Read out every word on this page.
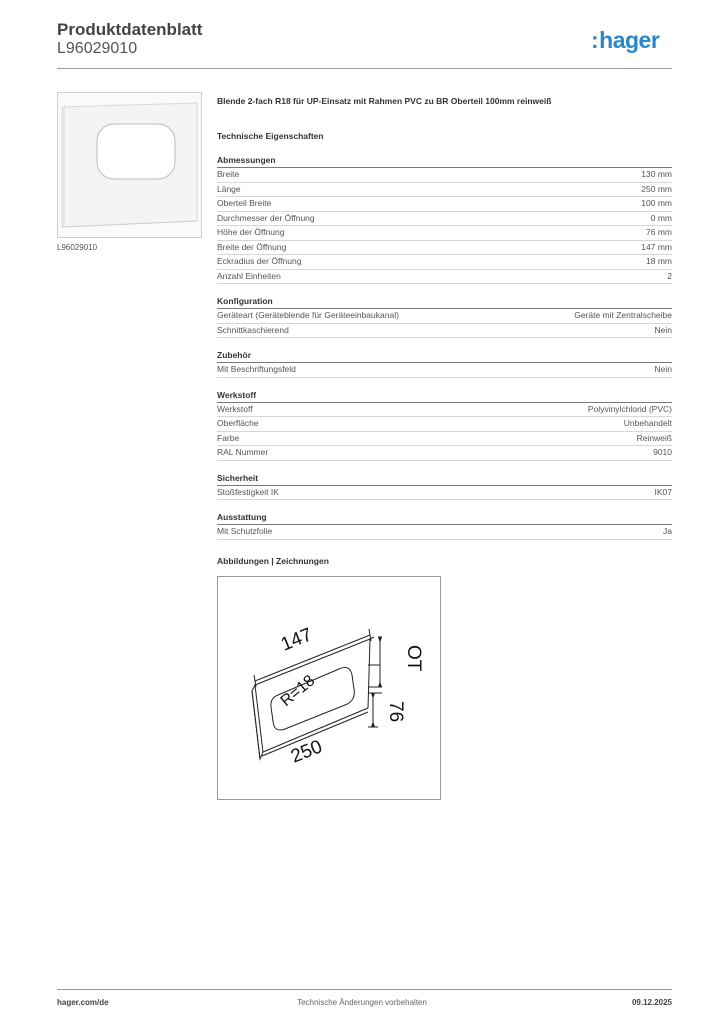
Produktdatenblatt
L96029010	:hager
L96029010
Blende 2-fach R18 für UP-Einsatz mit Rahmen PVC zu BR Oberteil 100mm reinweiß
Technische Eigenschaften
Abmessungen
Breite	130 mm
Länge	250 mm
Oberteil Breite	100 mm
Durchmesser der Öffnung	0 mm
Höhe der Öffnung	76 mm
Breite der Öffnung	147 mm
Eckradius der Öffnung	18 mm
Anzahl Einheiten	2
Konfiguration
Geräteart (Geräteblende für Geräteeinbaukanal)	Geräte mit Zentralscheibe
Schnittkaschierend	Nein
Zubehör
Mit Beschriftungsfeld	Nein
Werkstoff
Werkstoff	Polyvinylchlorid (PVC)
Oberfläche	Unbehandelt
Farbe	Reinweiß
RAL Nummer	9010
Sicherheit
Stoßfestigkeit IK	IK07
Ausstattung
Mit Schutzfolie	Ja
Abbildungen | Zeichnungen
147
250
R=18
OT
76
hager.com/de	Technische Änderungen vorbehalten	09.12.2025
